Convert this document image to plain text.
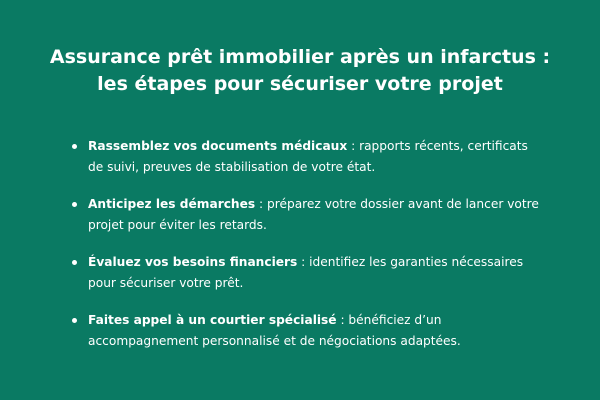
Assurance prêt immobilier après un infarctus :
les étapes pour sécuriser votre projet
Rassemblez vos documents médicaux : rapports récents, certificats de suivi, preuves de stabilisation de votre état.
Anticipez les démarches : préparez votre dossier avant de lancer votre projet pour éviter les retards.
Évaluez vos besoins financiers : identifiez les garanties nécessaires pour sécuriser votre prêt.
Faites appel à un courtier spécialisé : bénéficiez d’un accompagnement personnalisé et de négociations adaptées.
